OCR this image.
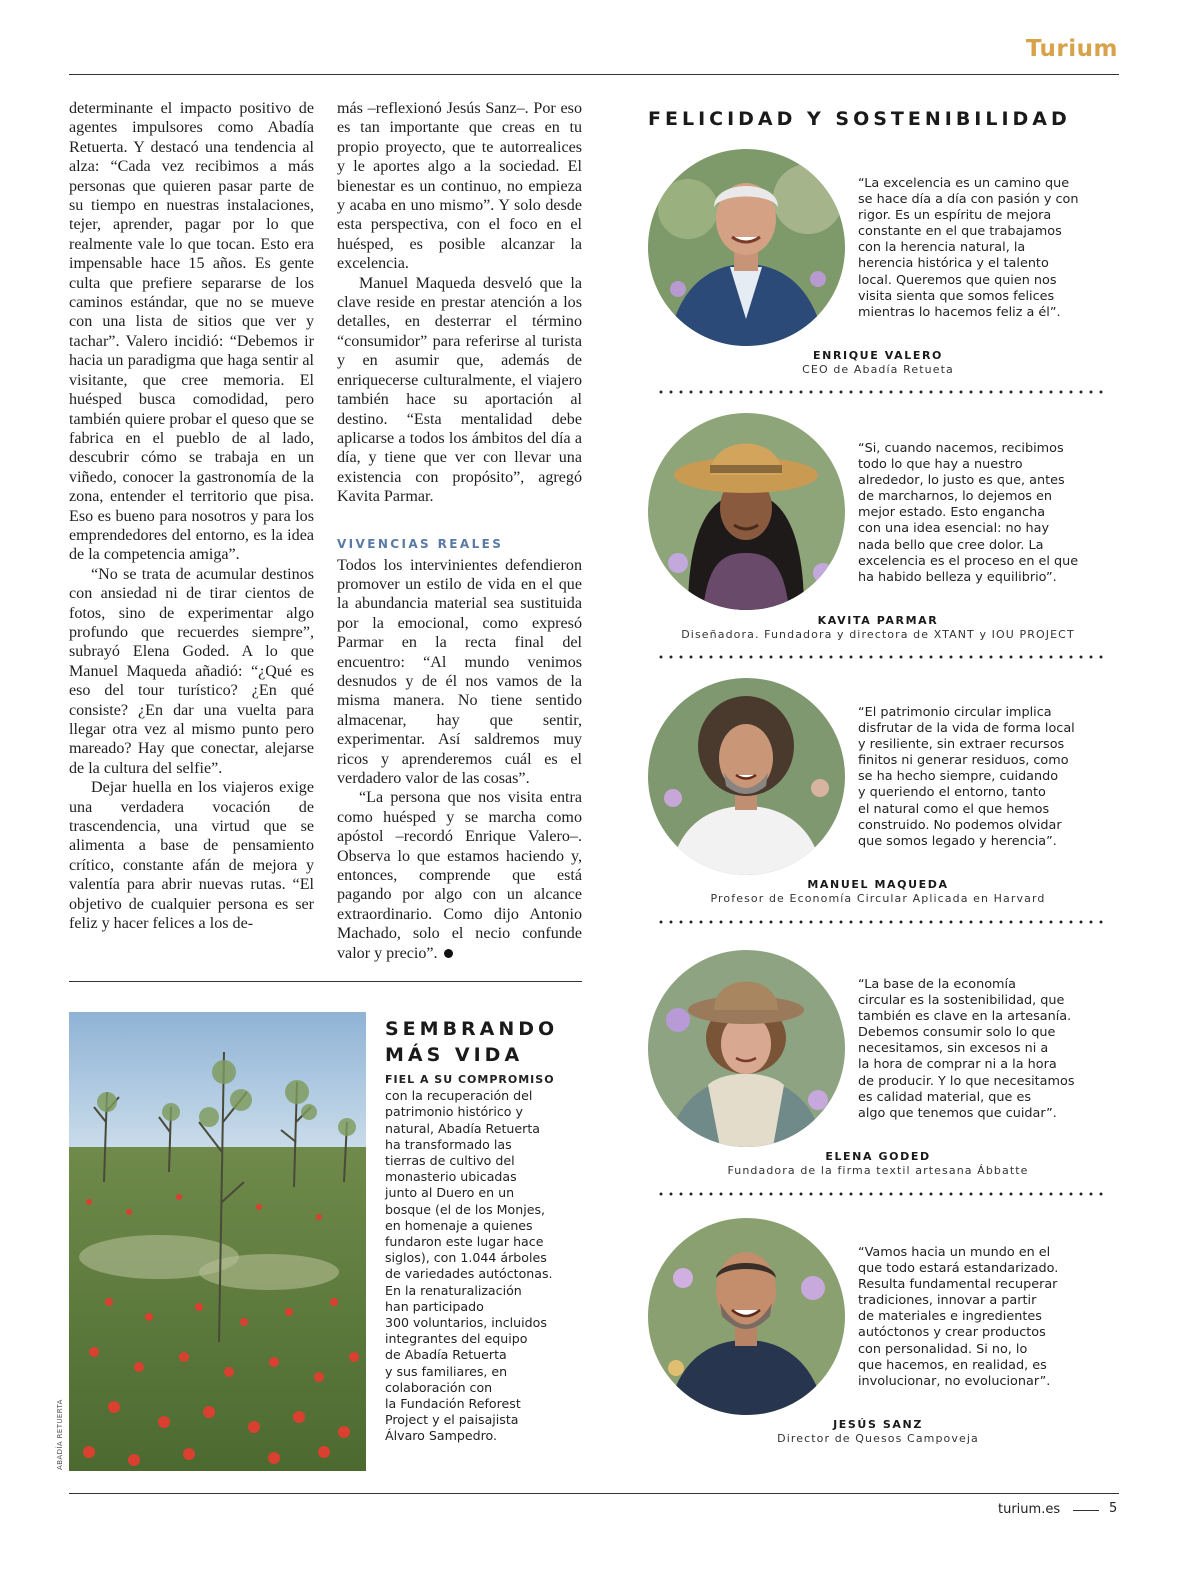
Turium

determinante el impacto positivo de agentes impulsores como Abadía Retuerta. Y destacó una tendencia al alza: “Cada vez recibimos a más personas que quieren pasar parte de su tiempo en nuestras instalaciones, tejer, aprender, pagar por lo que realmente vale lo que tocan. Esto era impensable hace 15 años. Es gente culta que prefiere separarse de los caminos estándar, que no se mueve con una lista de sitios que ver y tachar”. Valero incidió: “Debemos ir hacia un paradigma que haga sentir al visitante, que cree memoria. El huésped busca comodidad, pero también quiere probar el queso que se fabrica en el pueblo de al lado, descubrir cómo se trabaja en un viñedo, conocer la gastronomía de la zona, entender el territorio que pisa. Eso es bueno para nosotros y para los emprendedores del entorno, es la idea de la competencia amiga”.

“No se trata de acumular destinos con ansiedad ni de tirar cientos de fotos, sino de experimentar algo profundo que recuerdes siempre”, subrayó Elena Goded. A lo que Manuel Maqueda añadió: “¿Qué es eso del tour turístico? ¿En qué consiste? ¿En dar una vuelta para llegar otra vez al mismo punto pero mareado? Hay que conectar, alejarse de la cultura del selfie”.

Dejar huella en los viajeros exige una verdadera vocación de trascendencia, una virtud que se alimenta a base de pensamiento crítico, constante afán de mejora y valentía para abrir nuevas rutas. “El objetivo de cualquier persona es ser feliz y hacer felices a los de-

más –reflexionó Jesús Sanz–. Por eso es tan importante que creas en tu propio proyecto, que te autorrealices y le aportes algo a la sociedad. El bienestar es un continuo, no empieza y acaba en uno mismo”. Y solo desde esta perspectiva, con el foco en el huésped, es posible alcanzar la excelencia.

Manuel Maqueda desveló que la clave reside en prestar atención a los detalles, en desterrar el término “consumidor” para referirse al turista y en asumir que, además de enriquecerse culturalmente, el viajero también hace su aportación al destino. “Esta mentalidad debe aplicarse a todos los ámbitos del día a día, y tiene que ver con llevar una existencia con propósito”, agregó Kavita Parmar.

VIVENCIAS REALES

Todos los intervinientes defendieron promover un estilo de vida en el que la abundancia material sea sustituida por la emocional, como expresó Parmar en la recta final del encuentro: “Al mundo venimos desnudos y de él nos vamos de la misma manera. No tiene sentido almacenar, hay que sentir, experimentar. Así saldremos muy ricos y aprenderemos cuál es el verdadero valor de las cosas”.

“La persona que nos visita entra como huésped y se marcha como apóstol –recordó Enrique Valero–. Observa lo que estamos haciendo y, entonces, comprende que está pagando por algo con un alcance extraordinario. Como dijo Antonio Machado, solo el necio confunde valor y precio”.

ABADÍA RETUERTA
SEMBRANDO
MÁS VIDA
FIEL A SU COMPROMISO
con la recuperación del
patrimonio histórico y
natural, Abadía Retuerta
ha transformado las
tierras de cultivo del
monasterio ubicadas
junto al Duero en un
bosque (el de los Monjes,
en homenaje a quienes
fundaron este lugar hace
siglos), con 1.044 árboles
de variedades autóctonas.
En la renaturalización
han participado
300 voluntarios, incluidos
integrantes del equipo
de Abadía Retuerta
y sus familiares, en
colaboración con
la Fundación Reforest
Project y el paisajista
Álvaro Sampedro.
FELICIDAD Y SOSTENIBILIDAD
“La excelencia es un camino que
se hace día a día con pasión y con
rigor. Es un espíritu de mejora
constante en el que trabajamos
con la herencia natural, la
herencia histórica y el talento
local. Queremos que quien nos
visita sienta que somos felices
mientras lo hacemos feliz a él”.
ENRIQUE VALERO
CEO de Abadía Retueta
“Si, cuando nacemos, recibimos
todo lo que hay a nuestro
alrededor, lo justo es que, antes
de marcharnos, lo dejemos en
mejor estado. Esto engancha
con una idea esencial: no hay
nada bello que cree dolor. La
excelencia es el proceso en el que
ha habido belleza y equilibrio”.
KAVITA PARMAR
Diseñadora. Fundadora y directora de XTANT y IOU PROJECT
“El patrimonio circular implica
disfrutar de la vida de forma local
y resiliente, sin extraer recursos
finitos ni generar residuos, como
se ha hecho siempre, cuidando
y queriendo el entorno, tanto
el natural como el que hemos
construido. No podemos olvidar
que somos legado y herencia”.
MANUEL MAQUEDA
Profesor de Economía Circular Aplicada en Harvard
“La base de la economía
circular es la sostenibilidad, que
también es clave en la artesanía.
Debemos consumir solo lo que
necesitamos, sin excesos ni a
la hora de comprar ni a la hora
de producir. Y lo que necesitamos
es calidad material, que es
algo que tenemos que cuidar”.
ELENA GODED
Fundadora de la firma textil artesana Ábbatte
“Vamos hacia un mundo en el
que todo estará estandarizado.
Resulta fundamental recuperar
tradiciones, innovar a partir
de materiales e ingredientes
autóctonos y crear productos
con personalidad. Si no, lo
que hacemos, en realidad, es
involucionar, no evolucionar”.
JESÚS SANZ
Director de Quesos Campoveja
turium.es	5
